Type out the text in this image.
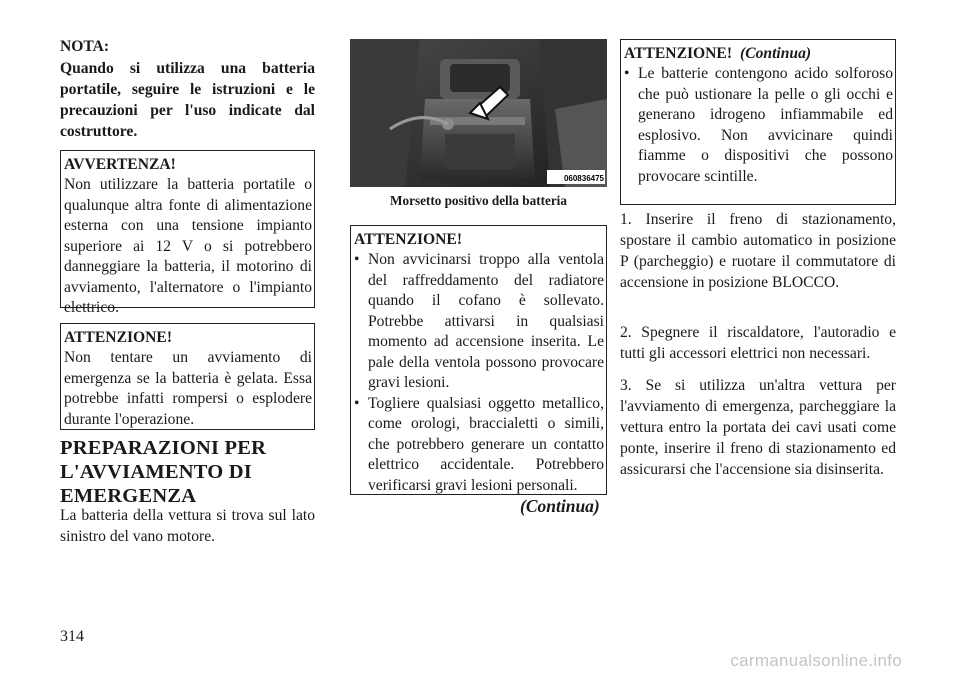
NOTA:

Quando si utilizza una batteria portatile, seguire le istruzioni e le precauzioni per l'uso indicate dal costruttore.

AVVERTENZA!
Non utilizzare la batteria portatile o qualunque altra fonte di alimentazione esterna con una tensione impianto superiore ai 12 V o si potrebbero danneggiare la batteria, il motorino di avviamento, l'alternatore o l'impianto elettrico.
ATTENZIONE!
Non tentare un avviamento di emergenza se la batteria è gelata. Essa potrebbe infatti rompersi o esplodere durante l'operazione.
PREPARAZIONI PER L'AVVIAMENTO DI EMERGENZA

La batteria della vettura si trova sul lato sinistro del vano motore.

060836475
Morsetto positivo della batteria
ATTENZIONE!
• Non avvicinarsi troppo alla ventola del raffreddamento del radiatore quando il cofano è sollevato. Potrebbe attivarsi in qualsiasi momento ad accensione inserita. Le pale della ventola possono provocare gravi lesioni.
• Togliere qualsiasi oggetto metallico, come orologi, braccialetti o simili, che potrebbero generare un contatto elettrico accidentale. Potrebbero verificarsi gravi lesioni personali.
(Continua)
ATTENZIONE! (Continua)
• Le batterie contengono acido solforoso che può ustionare la pelle o gli occhi e generano idrogeno infiammabile ed esplosivo. Non avvicinare quindi fiamme o dispositivi che possono provocare scintille.

1. Inserire il freno di stazionamento, spostare il cambio automatico in posizione P (parcheggio) e ruotare il commutatore di accensione in posizione BLOCCO.

2. Spegnere il riscaldatore, l'autoradio e tutti gli accessori elettrici non necessari.

3. Se si utilizza un'altra vettura per l'avviamento di emergenza, parcheggiare la vettura entro la portata dei cavi usati come ponte, inserire il freno di stazionamento ed assicurarsi che l'accensione sia disinserita.

314
carmanualsonline.info
